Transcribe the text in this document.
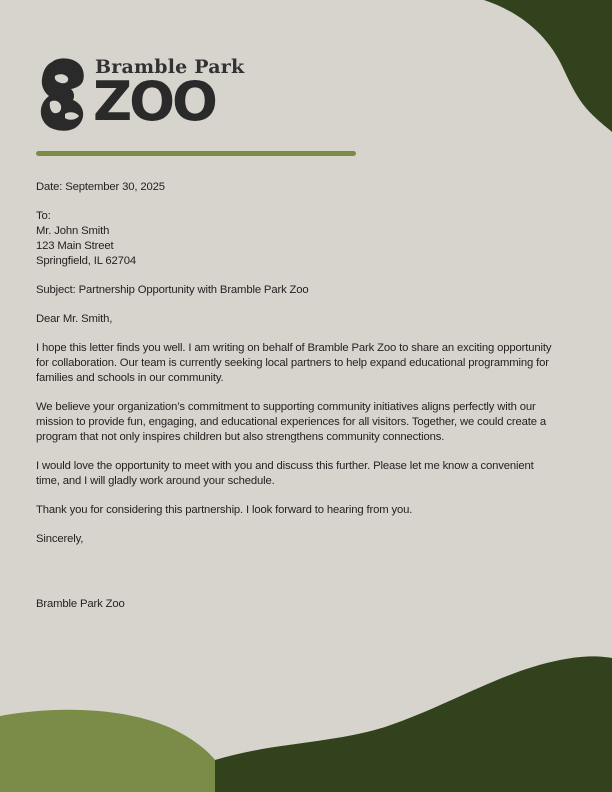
Bramble Park
ZOO

Date: September 30, 2025

To:

Mr. John Smith

123 Main Street

Springfield, IL 62704

Subject: Partnership Opportunity with Bramble Park Zoo

Dear Mr. Smith,

I hope this letter finds you well. I am writing on behalf of Bramble Park Zoo to share an exciting opportunity

for collaboration. Our team is currently seeking local partners to help expand educational programming for

families and schools in our community.

We believe your organization’s commitment to supporting community initiatives aligns perfectly with our

mission to provide fun, engaging, and educational experiences for all visitors. Together, we could create a

program that not only inspires children but also strengthens community connections.

I would love the opportunity to meet with you and discuss this further. Please let me know a convenient

time, and I will gladly work around your schedule.

Thank you for considering this partnership. I look forward to hearing from you.

Sincerely,

Bramble Park Zoo
